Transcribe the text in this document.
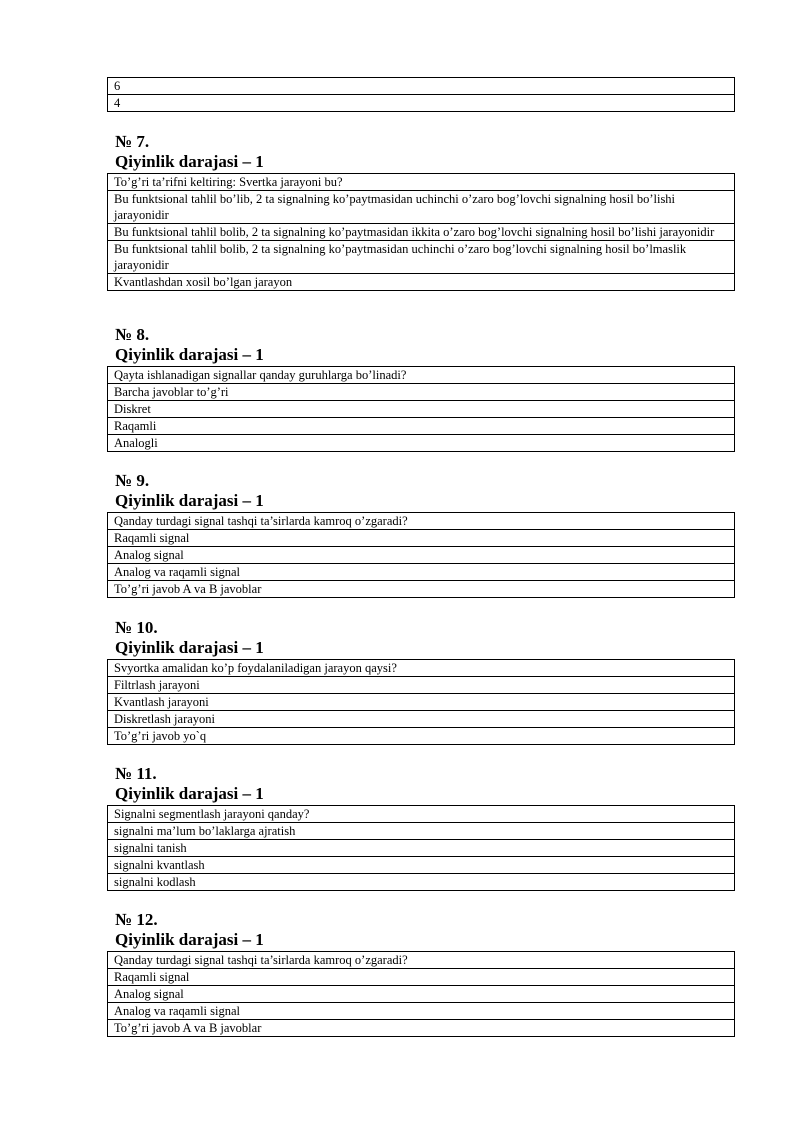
6
4
№ 7.
Qiyinlik darajasi – 1
To’g’ri ta’rifni keltiring: Svertka jarayoni bu?
Bu funktsional tahlil bo’lib, 2 ta signalning ko’paytmasidan uchinchi o’zaro bog’lovchi signalning hosil bo’lishi jarayonidir
Bu funktsional tahlil bolib, 2 ta signalning ko’paytmasidan ikkita o’zaro bog’lovchi signalning hosil bo’lishi jarayonidir
Bu funktsional tahlil bolib, 2 ta signalning ko’paytmasidan uchinchi o’zaro bog’lovchi signalning hosil bo’lmaslik jarayonidir
Kvantlashdan xosil bo’lgan jarayon
№ 8.
Qiyinlik darajasi – 1
Qayta ishlanadigan signallar qanday guruhlarga bo’linadi?
Barcha javoblar to’g’ri
Diskret
Raqamli
Analogli
№ 9.
Qiyinlik darajasi – 1
Qanday turdagi signal tashqi ta’sirlarda kamroq o’zgaradi?
Raqamli signal
Analog signal
Analog va raqamli signal
To’g’ri javob A va B javoblar
№ 10.
Qiyinlik darajasi – 1
Svyortka amalidan ko’p foydalaniladigan jarayon qaysi?
Filtrlash jarayoni
Kvantlash jarayoni
Diskretlash jarayoni
To’g’ri javob yo`q
№ 11.
Qiyinlik darajasi – 1
Signalni segmentlash jarayoni qanday?
signalni ma’lum bo’laklarga ajratish
signalni tanish
signalni kvantlash
signalni kodlash
№ 12.
Qiyinlik darajasi – 1
Qanday turdagi signal tashqi ta’sirlarda kamroq o’zgaradi?
Raqamli signal
Analog signal
Analog va raqamli signal
To’g’ri javob A va B javoblar
